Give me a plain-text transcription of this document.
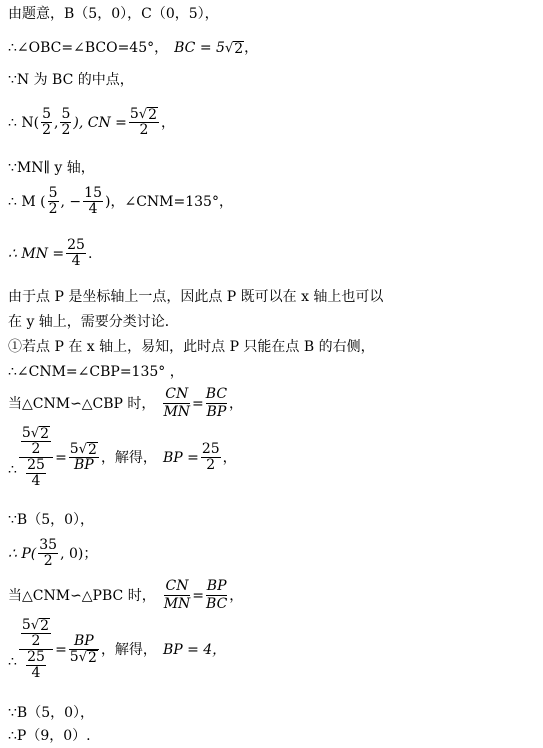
由题意，B（5，0），C（0，5），
∴∠OBC=∠BCO=45°， BC = 5 √ 2 ，
∵N 为 BC 的中点，
∴ $N( \frac{5}{2}$ , $\frac{5}{2}$ ), CN = $\frac{5 √ 2}{2}$ ，
∵MN∥ y 轴，
∴ M ( $\frac{5}{2}$ , − $\frac{15}{4}$ )，∠CNM=135°，
∴ MN = $\frac{25}{4}$ .
由于点 P 是坐标轴上一点，因此点 P 既可以在 x 轴上也可以
在 y 轴上，需要分类讨论．
①若点 P 在 x 轴上，易知，此时点 P 只能在点 B 的右侧，
∴∠CNM=∠CBP=135° ，
当△CNM∽△CBP 时，
CN
MN
=
BC
BP
，
∴
$\frac{5 √ 2}{2}$
$\frac{25}{4}$
= $\frac{5 √ 2}{BP}$ ，解得， BP = $\frac{25}{2}$ ，
∵B（5，0），
∴ $P( \frac{35}{2}$ , 0)；
当△CNM∽△PBC 时，
CN
MN
=
BP
BC
，
∴
$\frac{5 √ 2}{2}$
$\frac{25}{4}$
= $\frac{BP}{5 √ 2}$ ，解得， BP = 4，
∵B（5，0），
∴P（9，0）.
